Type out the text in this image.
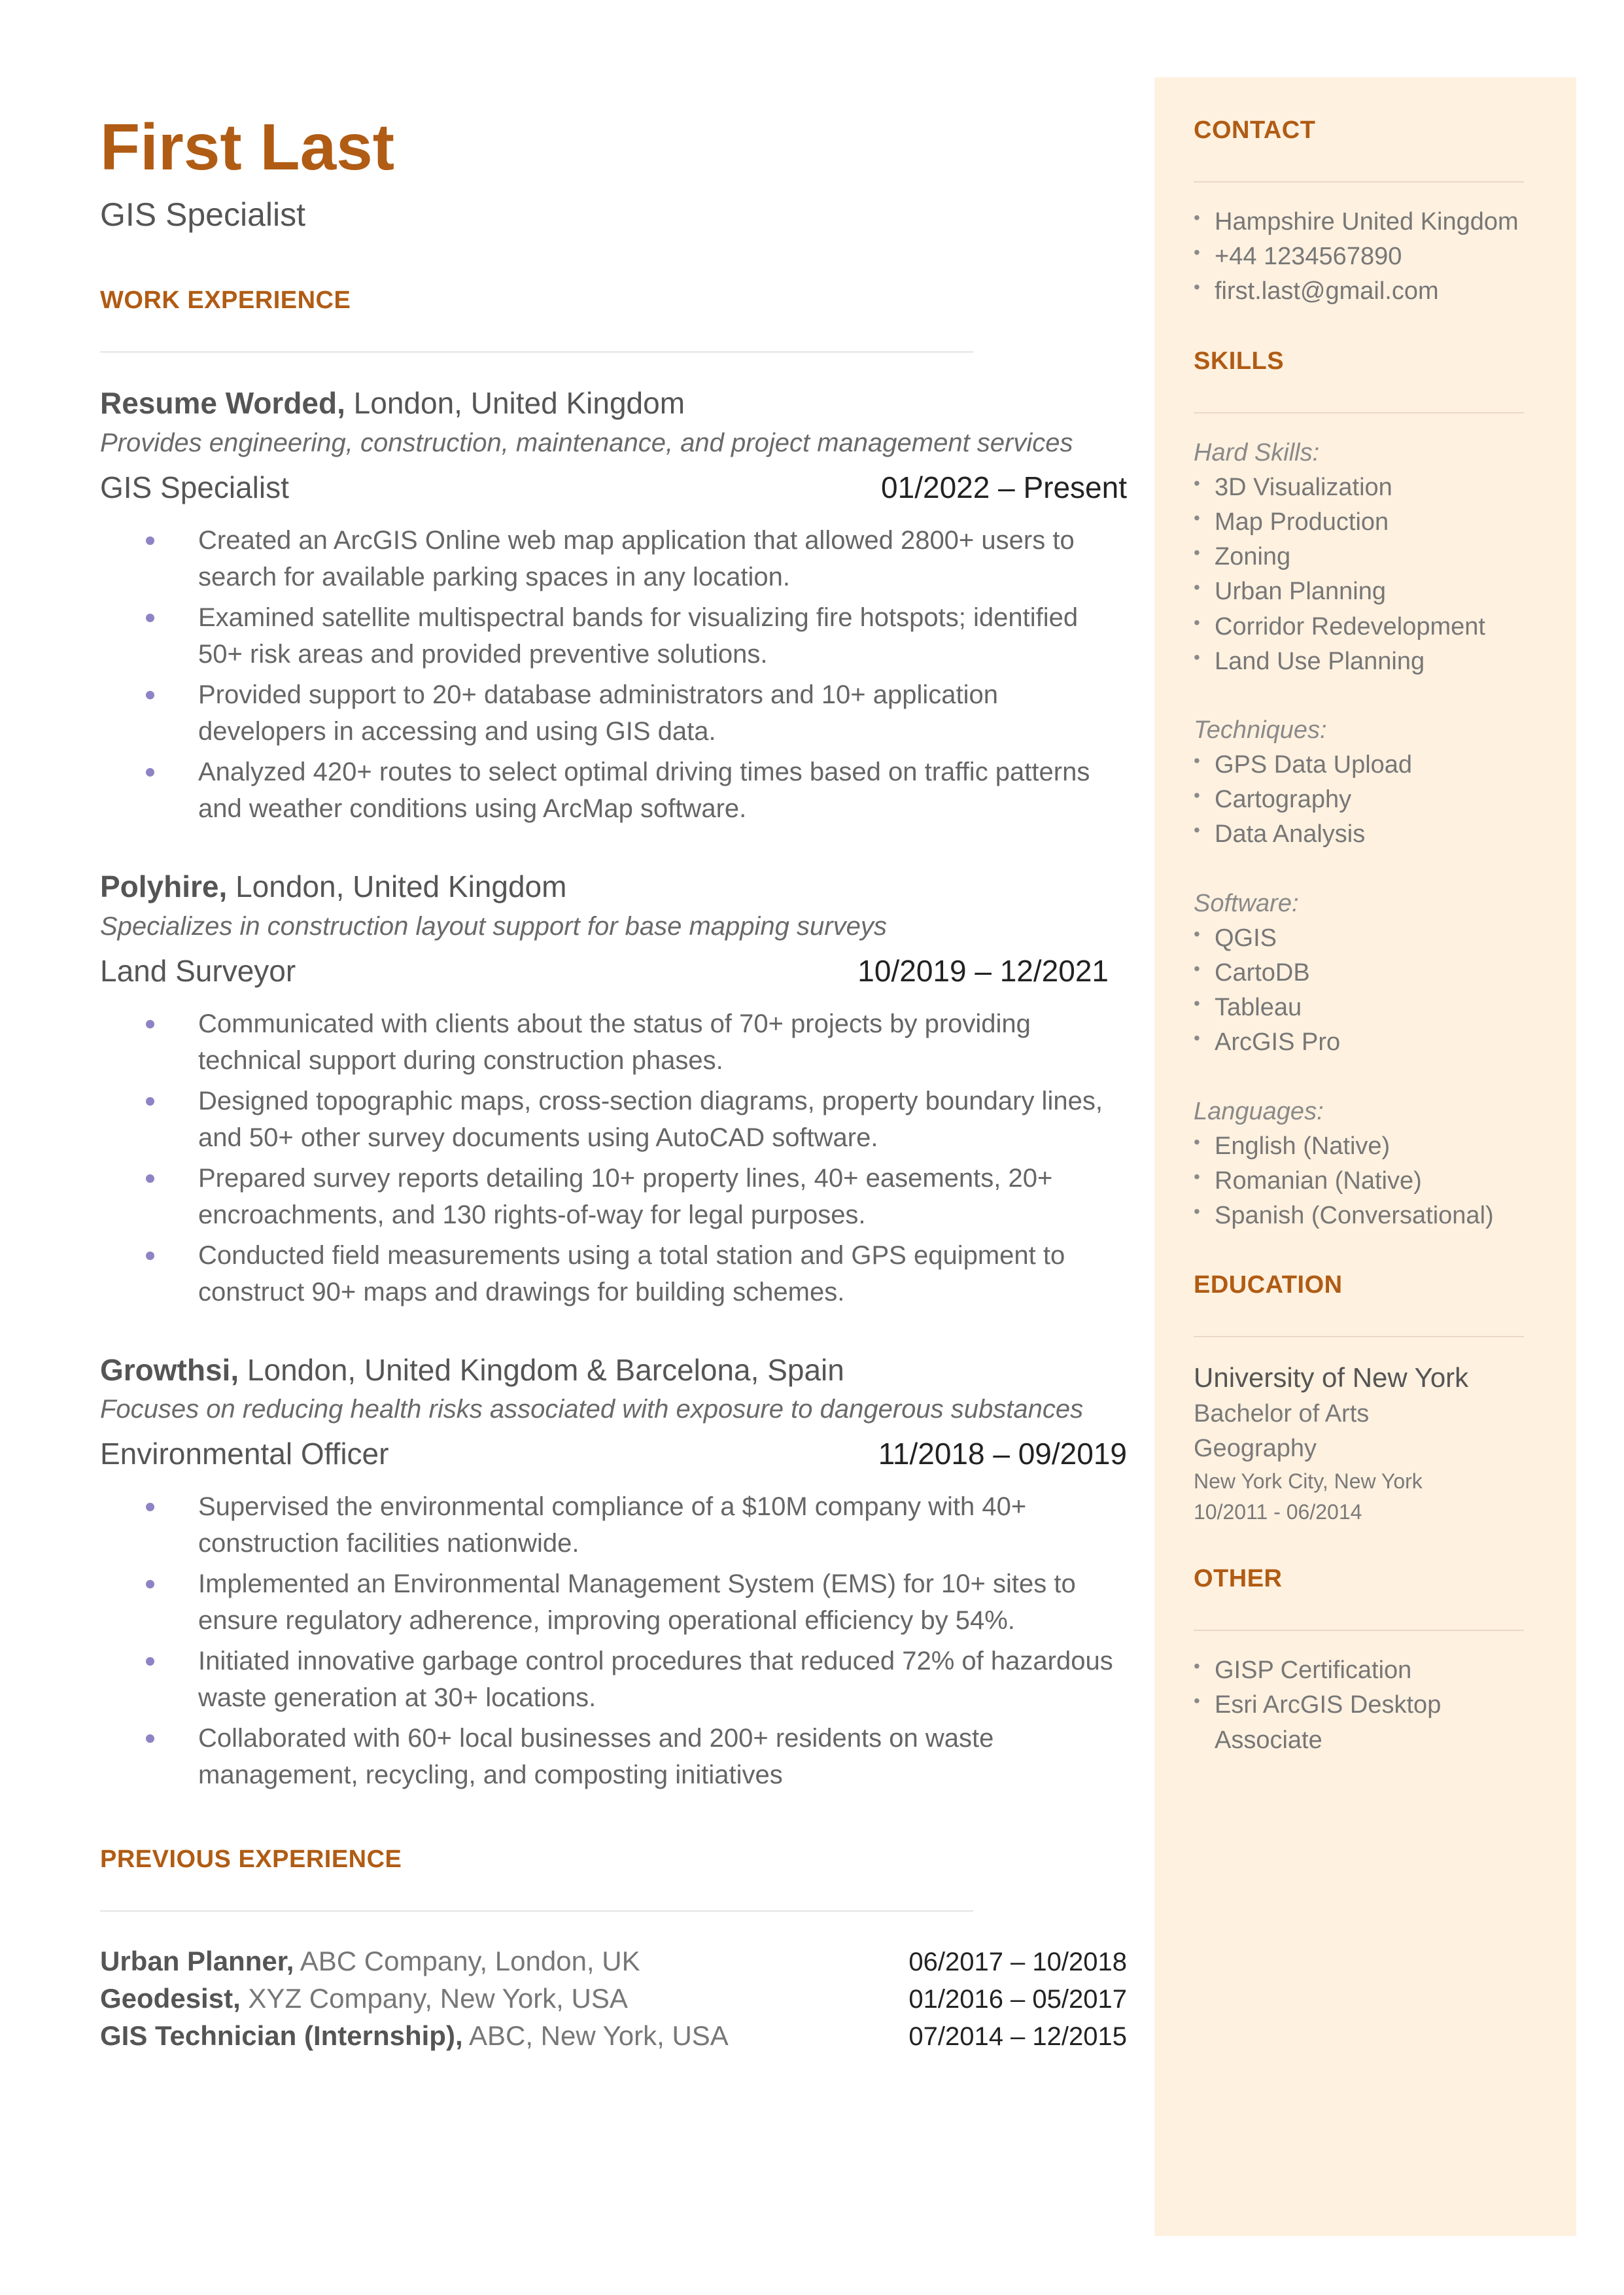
First Last
GIS Specialist
WORK EXPERIENCE
Resume Worded, London, United Kingdom
Provides engineering, construction, maintenance, and project management services
GIS Specialist	01/2022 – Present
Created an ArcGIS Online web map application that allowed 2800+ users to search for available parking spaces in any location.
Examined satellite multispectral bands for visualizing fire hotspots; identified 50+ risk areas and provided preventive solutions.
Provided support to 20+ database administrators and 10+ application developers in accessing and using GIS data.
Analyzed 420+ routes to select optimal driving times based on traffic patterns and weather conditions using ArcMap software.
Polyhire, London, United Kingdom
Specializes in construction layout support for base mapping surveys
Land Surveyor	10/2019 – 12/2021
Communicated with clients about the status of 70+ projects by providing technical support during construction phases.
Designed topographic maps, cross-section diagrams, property boundary lines, and 50+ other survey documents using AutoCAD software.
Prepared survey reports detailing 10+ property lines, 40+ easements, 20+ encroachments, and 130 rights-of-way for legal purposes.
Conducted field measurements using a total station and GPS equipment to construct 90+ maps and drawings for building schemes.
Growthsi, London, United Kingdom & Barcelona, Spain
Focuses on reducing health risks associated with exposure to dangerous substances
Environmental Officer	11/2018 – 09/2019
Supervised the environmental compliance of a $10M company with 40+ construction facilities nationwide.
Implemented an Environmental Management System (EMS) for 10+ sites to ensure regulatory adherence, improving operational efficiency by 54%.
Initiated innovative garbage control procedures that reduced 72% of hazardous waste generation at 30+ locations.
Collaborated with 60+ local businesses and 200+ residents on waste management, recycling, and composting initiatives
PREVIOUS EXPERIENCE
Urban Planner, ABC Company, London, UK	06/2017 – 10/2018
Geodesist, XYZ Company, New York, USA	01/2016 – 05/2017
GIS Technician (Internship), ABC, New York, USA	07/2014 – 12/2015
CONTACT
• Hampshire United Kingdom
• +44 1234567890
• first.last@gmail.com
SKILLS
Hard Skills:
• 3D Visualization
• Map Production
• Zoning
• Urban Planning
• Corridor Redevelopment
• Land Use Planning
Techniques:
• GPS Data Upload
• Cartography
• Data Analysis
Software:
• QGIS
• CartoDB
• Tableau
• ArcGIS Pro
Languages:
• English (Native)
• Romanian (Native)
• Spanish (Conversational)
EDUCATION
University of New York
Bachelor of Arts
Geography
New York City, New York
10/2011 - 06/2014
OTHER
• GISP Certification
• Esri ArcGIS Desktop Associate
